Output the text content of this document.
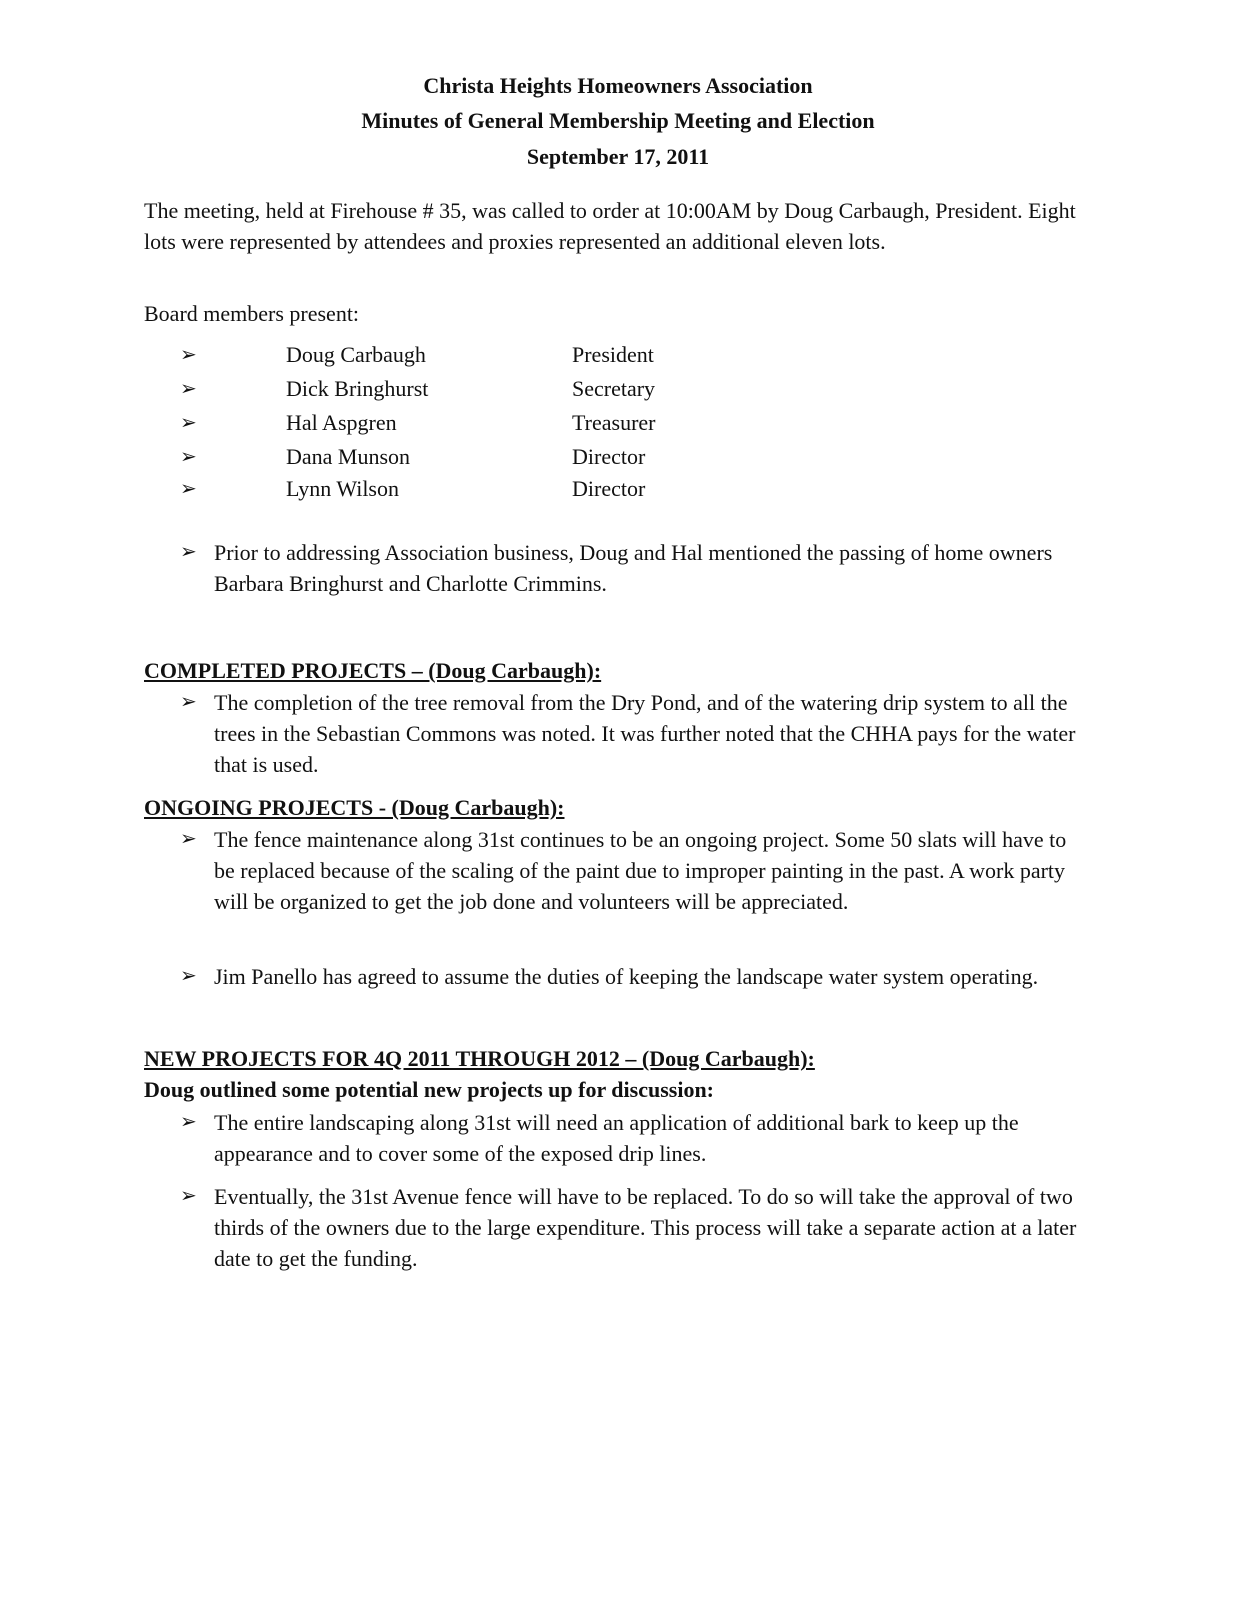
Christa Heights Homeowners Association
Minutes of General Membership Meeting and Election
September 17, 2011
The meeting, held at Firehouse # 35, was called to order at 10:00AM by Doug Carbaugh, President. Eight lots were represented by attendees and proxies represented an additional eleven lots.
Board members present:
➢	Doug Carbaugh	President
➢	Dick Bringhurst	Secretary
➢	Hal Aspgren	Treasurer
➢	Dana Munson	Director
➢	Lynn Wilson	Director
➢ Prior to addressing Association business, Doug and Hal mentioned the passing of home owners Barbara Bringhurst and Charlotte Crimmins.
COMPLETED PROJECTS – (Doug Carbaugh):
➢ The completion of the tree removal from the Dry Pond, and of the watering drip system to all the trees in the Sebastian Commons was noted. It was further noted that the CHHA pays for the water that is used.
ONGOING PROJECTS - (Doug Carbaugh):
➢ The fence maintenance along 31st continues to be an ongoing project. Some 50 slats will have to be replaced because of the scaling of the paint due to improper painting in the past. A work party will be organized to get the job done and volunteers will be appreciated.
➢ Jim Panello has agreed to assume the duties of keeping the landscape water system operating.
NEW PROJECTS FOR 4Q 2011 THROUGH 2012 – (Doug Carbaugh):
Doug outlined some potential new projects up for discussion:
➢ The entire landscaping along 31st will need an application of additional bark to keep up the appearance and to cover some of the exposed drip lines.
➢ Eventually, the 31st Avenue fence will have to be replaced. To do so will take the approval of two thirds of the owners due to the large expenditure. This process will take a separate action at a later date to get the funding.
